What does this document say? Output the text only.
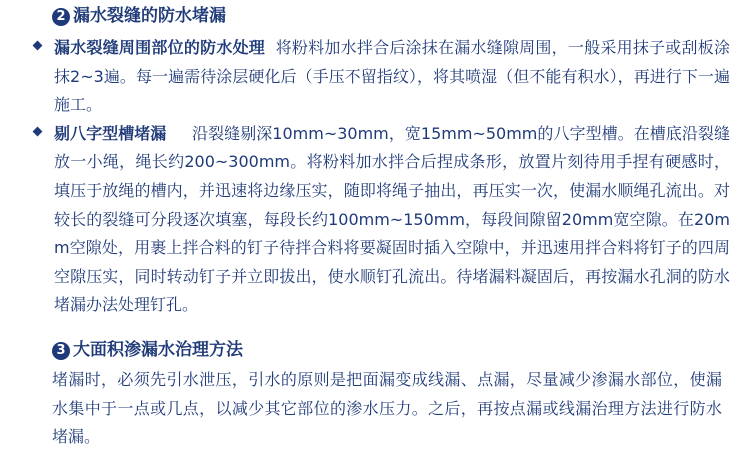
2 漏水裂缝的防水堵漏
漏水裂缝周围部位的防水处理 将粉料加水拌合后涂抹在漏水缝隙周围，一般采用抹子或刮板涂抹2~3遍。每一遍需待涂层硬化后（手压不留指纹），将其喷湿（但不能有积水），再进行下一遍施工。
剔八字型槽堵漏 沿裂缝剔深10mm~30mm，宽15mm~50mm的八字型槽。在槽底沿裂缝放一小绳，绳长约200~300mm。将粉料加水拌合后捏成条形，放置片刻待用手捏有硬感时，填压于放绳的槽内，并迅速将边缘压实，随即将绳子抽出，再压实一次，使漏水顺绳孔流出。对较长的裂缝可分段逐次填塞，每段长约100mm~150mm，每段间隙留20mm宽空隙。在20mm空隙处，用裹上拌合料的钉子待拌合料将要凝固时插入空隙中，并迅速用拌合料将钉子的四周空隙压实，同时转动钉子并立即拔出，使水顺钉孔流出。待堵漏料凝固后，再按漏水孔洞的防水堵漏办法处理钉孔。
3 大面积渗漏水治理方法
堵漏时，必须先引水泄压，引水的原则是把面漏变成线漏、点漏，尽量减少渗漏水部位，使漏水集中于一点或几点，以减少其它部位的渗水压力。之后，再按点漏或线漏治理方法进行防水堵漏。
